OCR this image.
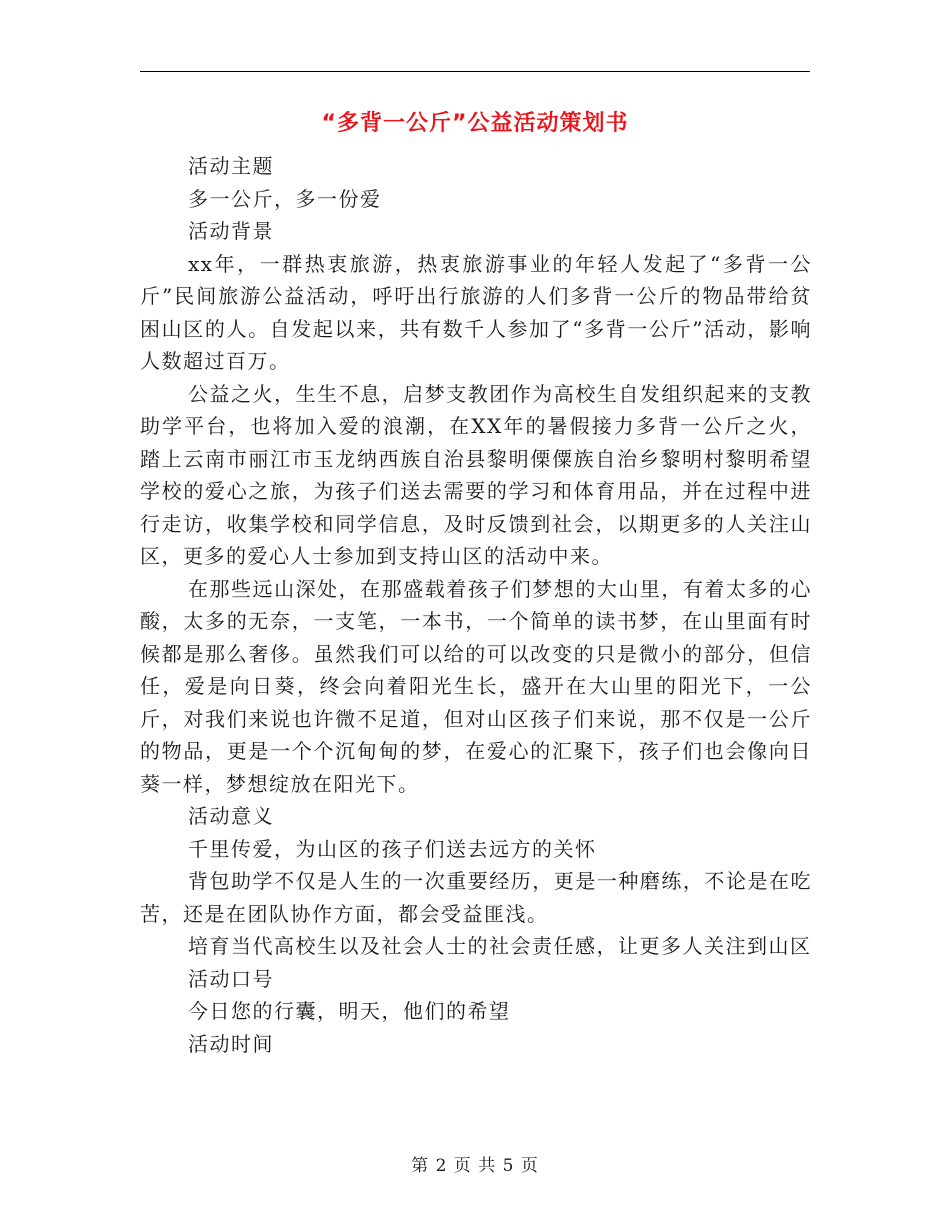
“多背一公斤”公益活动策划书

活动主题

多一公斤，多一份爱

活动背景

xx年，一群热衷旅游，热衷旅游事业的年轻人发起了“多背一公斤”民间旅游公益活动，呼吁出行旅游的人们多背一公斤的物品带给贫困山区的人。自发起以来，共有数千人参加了“多背一公斤”活动，影响人数超过百万。

公益之火，生生不息，启梦支教团作为高校生自发组织起来的支教助学平台，也将加入爱的浪潮，在XX年的暑假接力多背一公斤之火，踏上云南市丽江市玉龙纳西族自治县黎明傈僳族自治乡黎明村黎明希望学校的爱心之旅，为孩子们送去需要的学习和体育用品，并在过程中进行走访，收集学校和同学信息，及时反馈到社会，以期更多的人关注山区，更多的爱心人士参加到支持山区的活动中来。

在那些远山深处，在那盛载着孩子们梦想的大山里，有着太多的心酸，太多的无奈，一支笔，一本书，一个简单的读书梦，在山里面有时候都是那么奢侈。虽然我们可以给的可以改变的只是微小的部分，但信任，爱是向日葵，终会向着阳光生长，盛开在大山里的阳光下，一公斤，对我们来说也许微不足道，但对山区孩子们来说，那不仅是一公斤的物品，更是一个个沉甸甸的梦，在爱心的汇聚下，孩子们也会像向日葵一样，梦想绽放在阳光下。

活动意义

千里传爱，为山区的孩子们送去远方的关怀

背包助学不仅是人生的一次重要经历，更是一种磨练，不论是在吃苦，还是在团队协作方面，都会受益匪浅。

培育当代高校生以及社会人士的社会责任感，让更多人关注到山区

活动口号

今日您的行囊，明天，他们的希望

活动时间

第 2 页 共 5 页
